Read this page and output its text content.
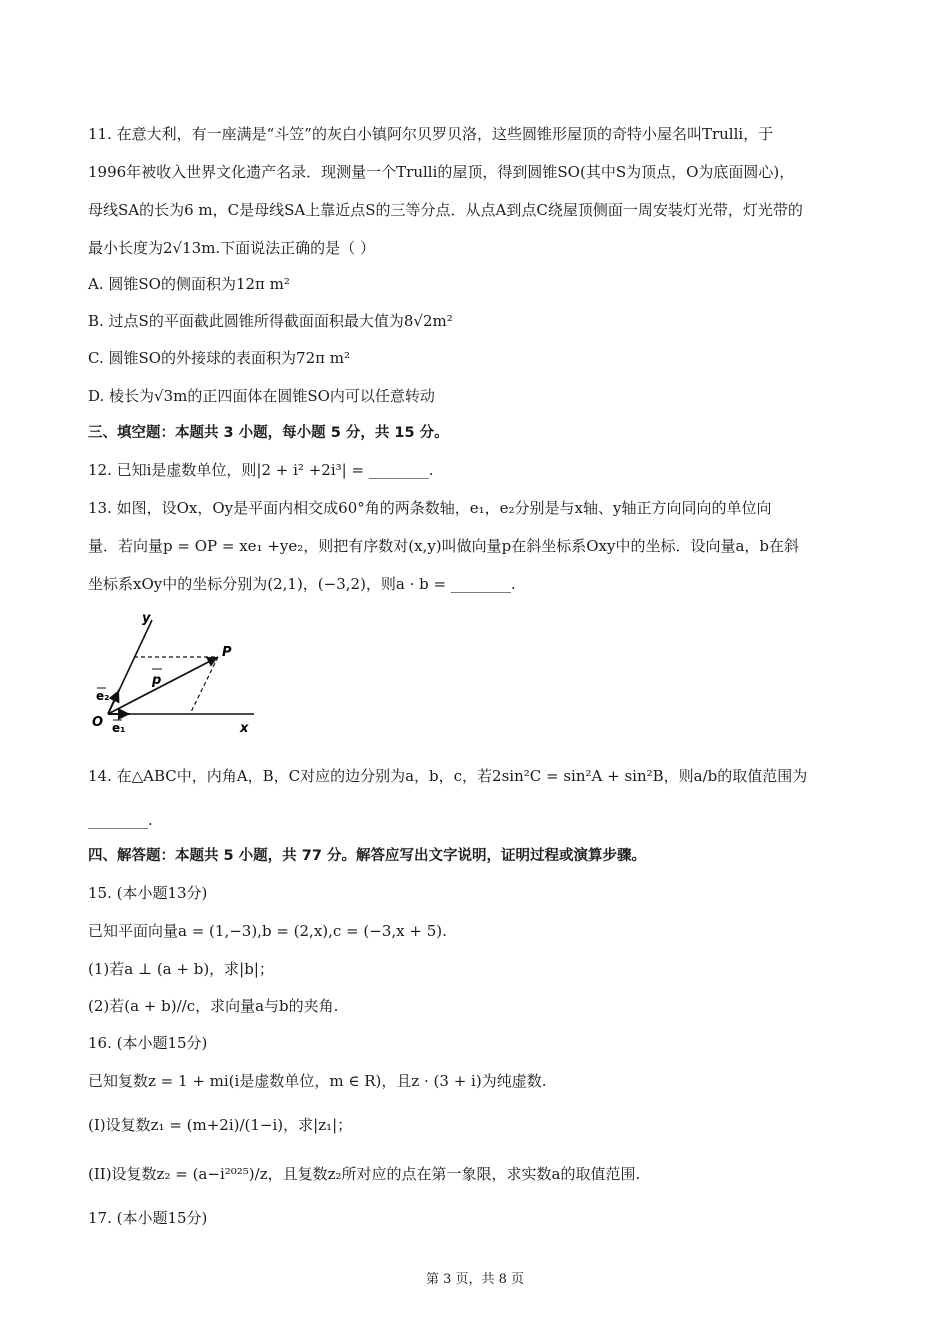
11. 在意大利，有一座满是“斗笠”的灰白小镇阿尔贝罗贝洛，这些圆锥形屋顶的奇特小屋名叫Trulli，于
1996年被收入世界文化遗产名录．现测量一个Trulli的屋顶，得到圆锥SO(其中S为顶点，O为底面圆心)，
母线SA的长为6 m，C是母线SA上靠近点S的三等分点．从点A到点C绕屋顶侧面一周安装灯光带，灯光带的
最小长度为2√13m.下面说法正确的是（ ）
A. 圆锥SO的侧面积为12π m²
B. 过点S的平面截此圆锥所得截面面积最大值为8√2m²
C. 圆锥SO的外接球的表面积为72π m²
D. 棱长为√3m的正四面体在圆锥SO内可以任意转动
三、填空题：本题共 3 小题，每小题 5 分，共 15 分。
12. 已知i是虚数单位，则|2 + i² +2i³| = ________.
13. 如图，设Ox，Oy是平面内相交成60°角的两条数轴，e₁，e₂分别是与x轴、y轴正方向同向的单位向
量．若向量p = OP = xe₁ +ye₂，则把有序数对(x,y)叫做向量p在斜坐标系Oxy中的坐标．设向量a，b在斜
坐标系xOy中的坐标分别为(2,1)，(−3,2)，则a · b = ________.
y
p
P
e₂
O e₁	x
14. 在△ABC中，内角A，B，C对应的边分别为a，b，c，若2sin²C = sin²A + sin²B，则a/b的取值范围为
________.
四、解答题：本题共 5 小题，共 77 分。解答应写出文字说明，证明过程或演算步骤。
15. (本小题13分)
已知平面向量a = (1,−3),b = (2,x),c = (−3,x + 5).
(1)若a ⊥ (a + b)，求|b|；
(2)若(a + b)//c，求向量a与b的夹角.
16. (本小题15分)
已知复数z = 1 + mi(i是虚数单位，m ∈ R)，且z · (3 + i)为纯虚数.
(I)设复数z₁ = (m+2i)/(1−i)，求|z₁|；
(II)设复数z₂ = (a−i²⁰²⁵)/z，且复数z₂所对应的点在第一象限，求实数a的取值范围.
17. (本小题15分)
第 3 页，共 8 页
